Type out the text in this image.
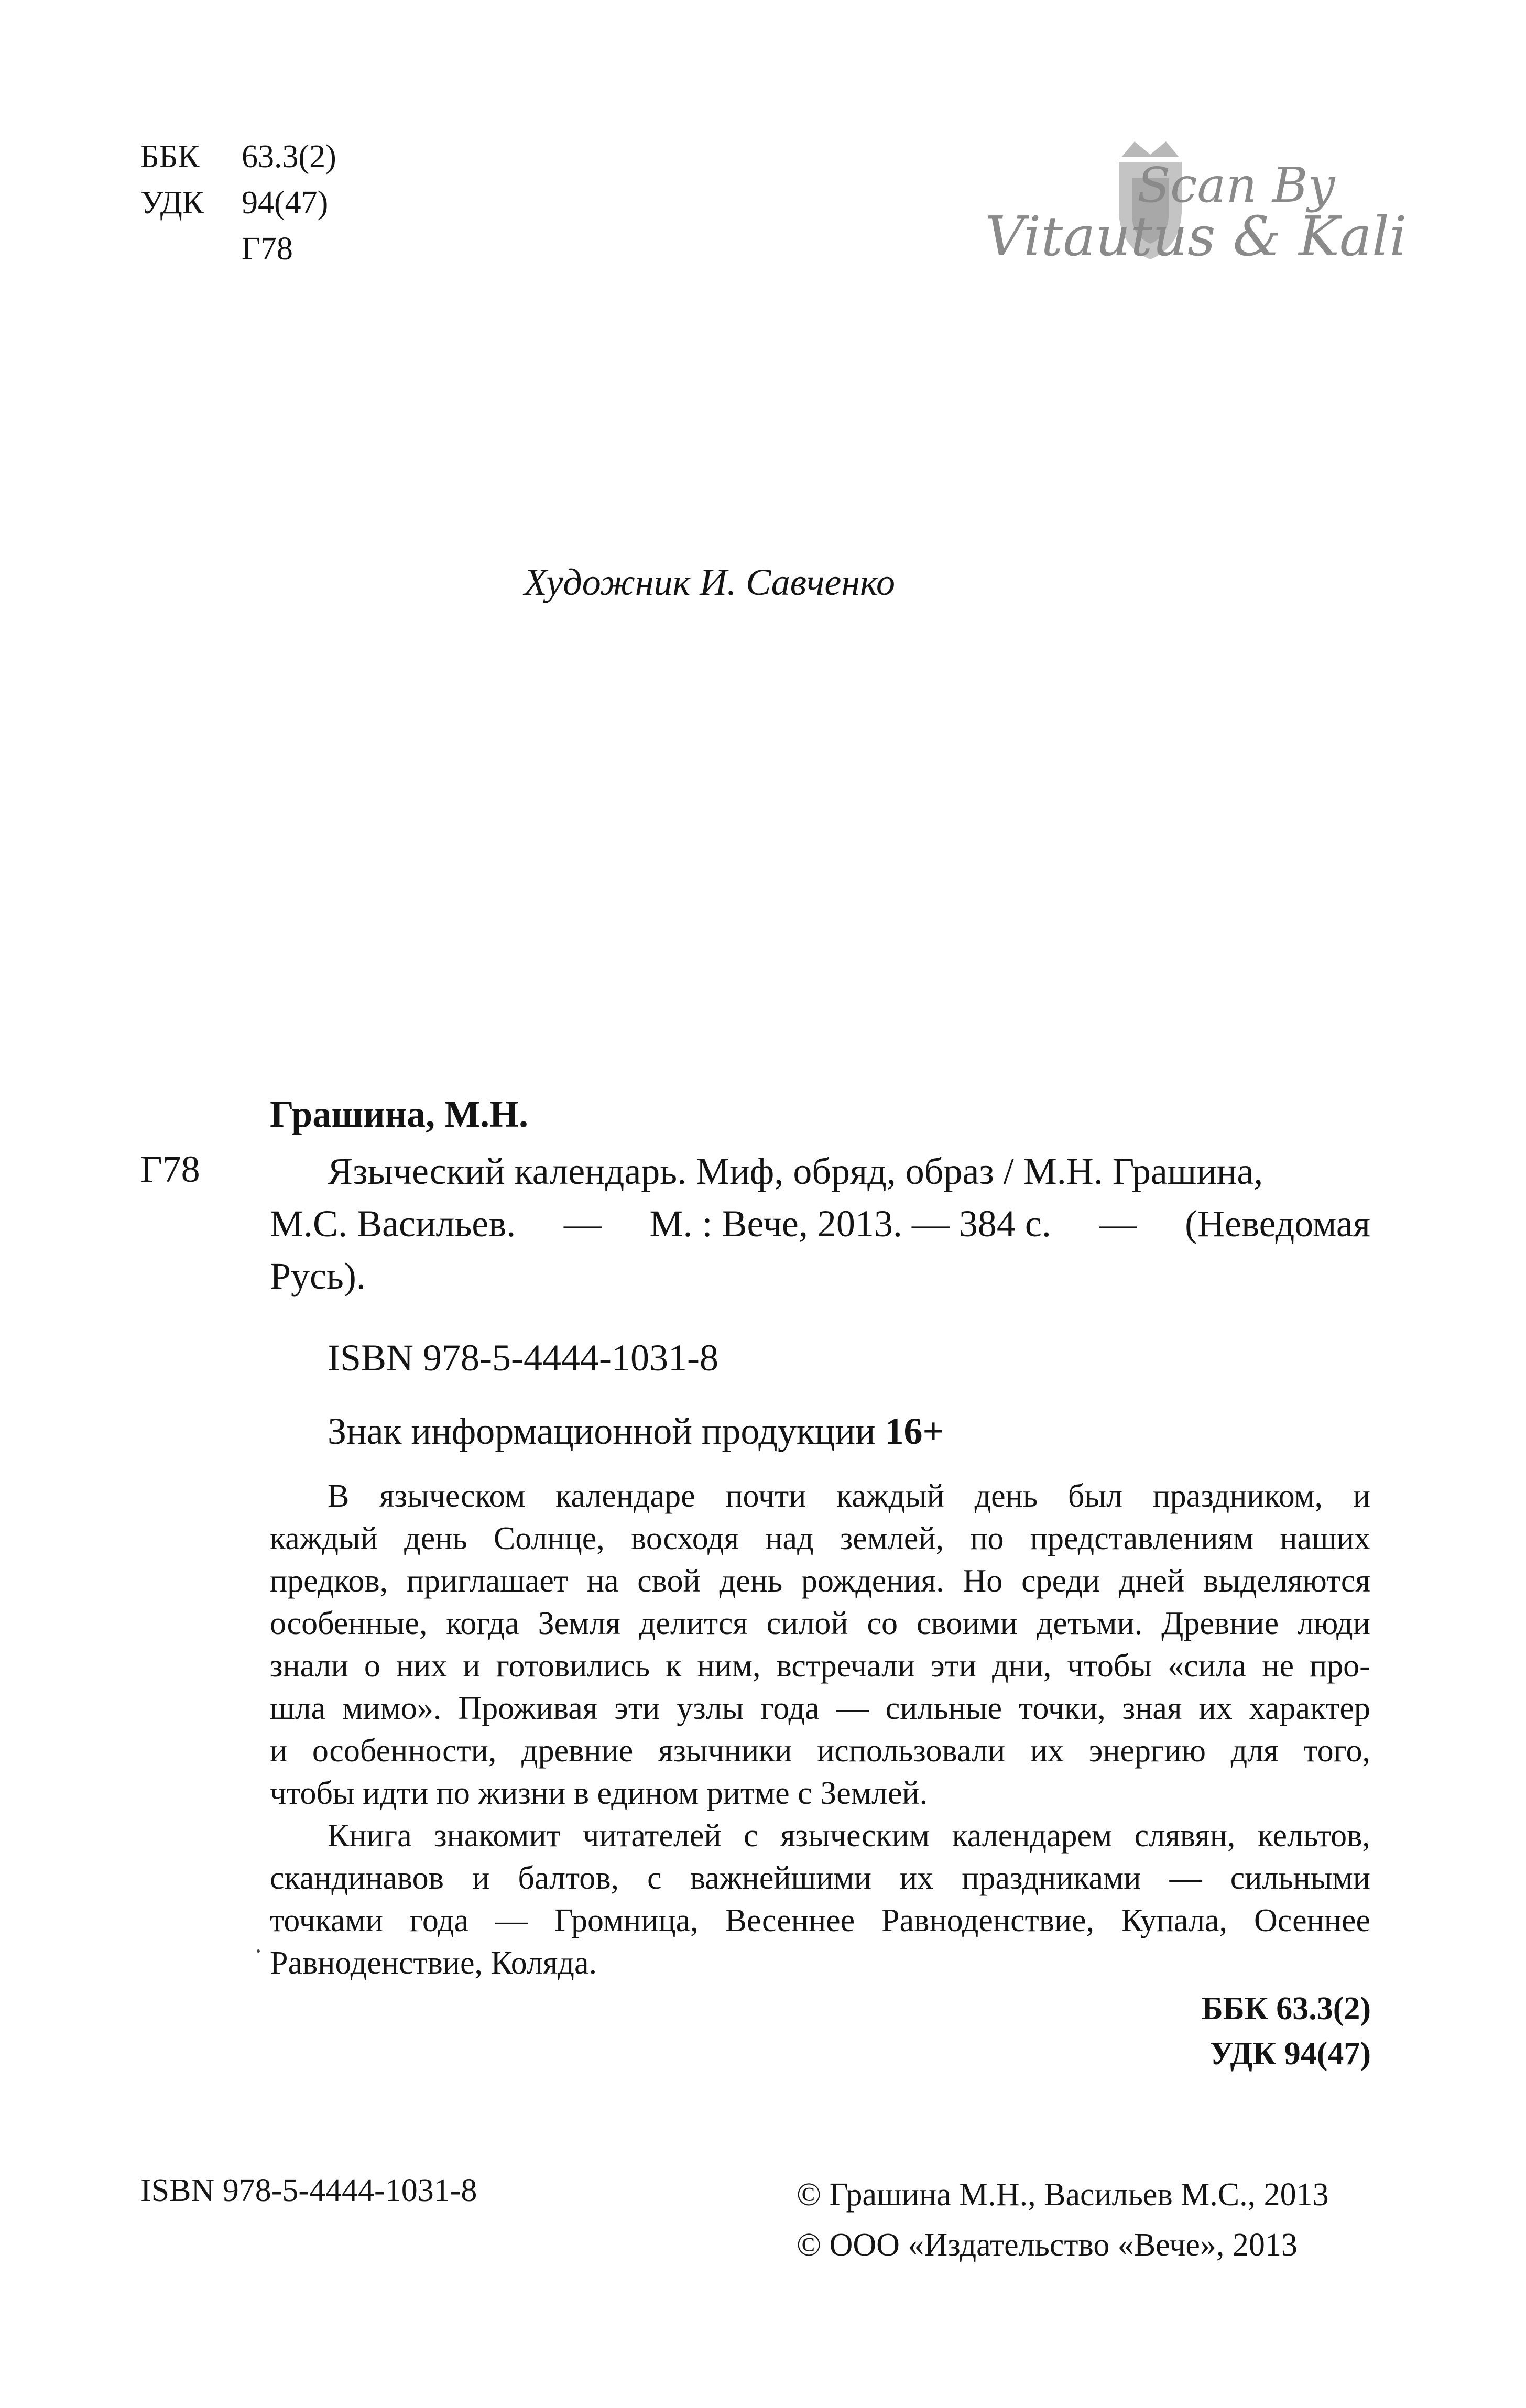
ББК	63.3(2)
УДК	94(47)
Г78
Scan By
Vitautus & Kali
Художник И. Савченко
Грашина, М.Н.
Г78	Языческий календарь. Миф, обряд, образ / М.Н. Грашина,

М.С. Васильев. — М. : Вече, 2013. — 384 с. — (Неведомая

Русь).

ISBN 978-5-4444-1031-8
Знак информационной продукции 16+
В языческом календаре почти каждый день был праздником, и
каждый день Солнце, восходя над землей, по представлениям наших
предков, приглашает на свой день рождения. Но среди дней выделяются
особенные, когда Земля делится силой со своими детьми. Древние люди
знали о них и готовились к ним, встречали эти дни, чтобы «сила не про-
шла мимо». Проживая эти узлы года — сильные точки, зная их характер
и особенности, древние язычники использовали их энергию для того,
чтобы идти по жизни в едином ритме с Землей.
Книга знакомит читателей с языческим календарем слявян, кельтов,
скандинавов и балтов, с важнейшими их праздниками — сильными
точками года — Громница, Весеннее Равноденствие, Купала, Осеннее
Равноденствие, Коляда.
ББК 63.3(2)
УДК 94(47)
ISBN 978-5-4444-1031-8	© Грашина М.Н., Васильев М.С., 2013
© ООО «Издательство «Вече», 2013
